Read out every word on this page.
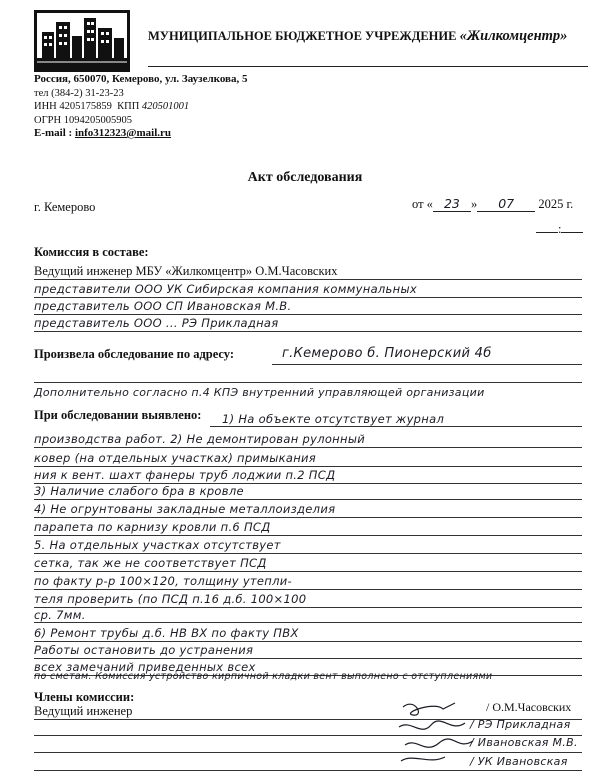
МУНИЦИПАЛЬНОЕ БЮДЖЕТНОЕ УЧРЕЖДЕНИЕ «Жилкомцентр»
Россия, 650070, Кемерово, ул. Заузелкова, 5
тел (384-2) 31-23-23
ИНН 4205175859 КПП 420501001
ОГРН 1094205005905
E-mail : info312323@mail.ru
Акт обследования
г. Кемерово	от « 23 » 07 2025 г.
:
Комиссия в составе:
Ведущий инженер МБУ «Жилкомцентр» О.М.Часовских
представители ООО УК Сибирская компания коммунальных
представитель ООО СП Ивановская М.В.
представитель ООО ... РЭ Прикладная
Произвела обследование по адресу:	г.Кемерово б. Пионерский 4б
Дополнительно согласно п.4 КПЭ внутренний управляющей организации
При обследовании выявлено: 1) На объекте отсутствует журнал
производства работ. 2) Не демонтирован рулонный
ковер (на отдельных участках) примыкания
ния к вент. шахт фанеры труб лоджии п.2 ПСД
3) Наличие слабого бра в кровле
4) Не огрунтованы закладные металлоизделия
парапета по карнизу кровли п.6 ПСД
5. На отдельных участках отсутствует
сетка, так же не соответствует ПСД
по факту р-р 100×120, толщину утепли-
теля проверить (по ПСД п.16 д.б. 100×100
ср. 7мм.
6) Ремонт трубы д.б. НВ ВХ по факту ПВХ
Работы остановить до устранения
всех замечаний приведенных всех
по сметам. Комиссия устройство кирпичной кладки вент выполнено с отступлениями
Члены комиссии:
Ведущий инженер	/ О.М.Часовских
/ РЭ Прикладная
/ Ивановская М.В.
/ УК Ивановская
